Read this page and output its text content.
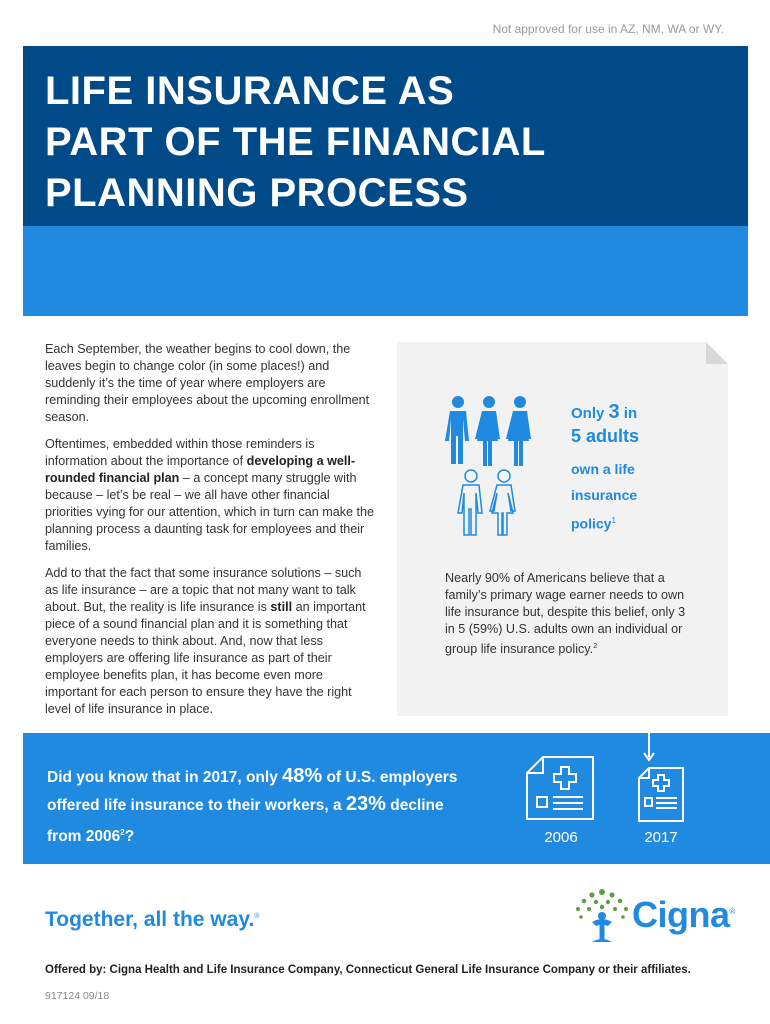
Not approved for use in AZ, NM, WA or WY.
LIFE INSURANCE AS
PART OF THE FINANCIAL
PLANNING PROCESS

Each September, the weather begins to cool down, the leaves begin to change color (in some places!) and suddenly it’s the time of year where employers are reminding their employees about the upcoming enrollment season.

Oftentimes, embedded within those reminders is information about the importance of developing a well-rounded financial plan – a concept many struggle with because – let’s be real – we all have other financial priorities vying for our attention, which in turn can make the planning process a daunting task for employees and their families.

Add to that the fact that some insurance solutions – such as life insurance – are a topic that not many want to talk about. But, the reality is life insurance is still an important piece of a sound financial plan and it is something that everyone needs to think about. And, now that less employers are offering life insurance as part of their employee benefits plan, it has become even more important for each person to ensure they have the right level of life insurance in place.

Only 3 in
5 adults
own a life
insurance
policy$^1$
Nearly 90% of Americans believe that a family’s primary wage earner needs to own life insurance but, despite this belief, only 3 in 5 (59%) U.S. adults own an individual or group life insurance policy.$^2$
Did you know that in 2017, only 48% of U.S. employers offered life insurance to their workers, a 23% decline from 2006$^2$?	2006	2017
Together, all the way.®	Cigna®
Offered by: Cigna Health and Life Insurance Company, Connecticut General Life Insurance Company or their affiliates.
917124 09/18
